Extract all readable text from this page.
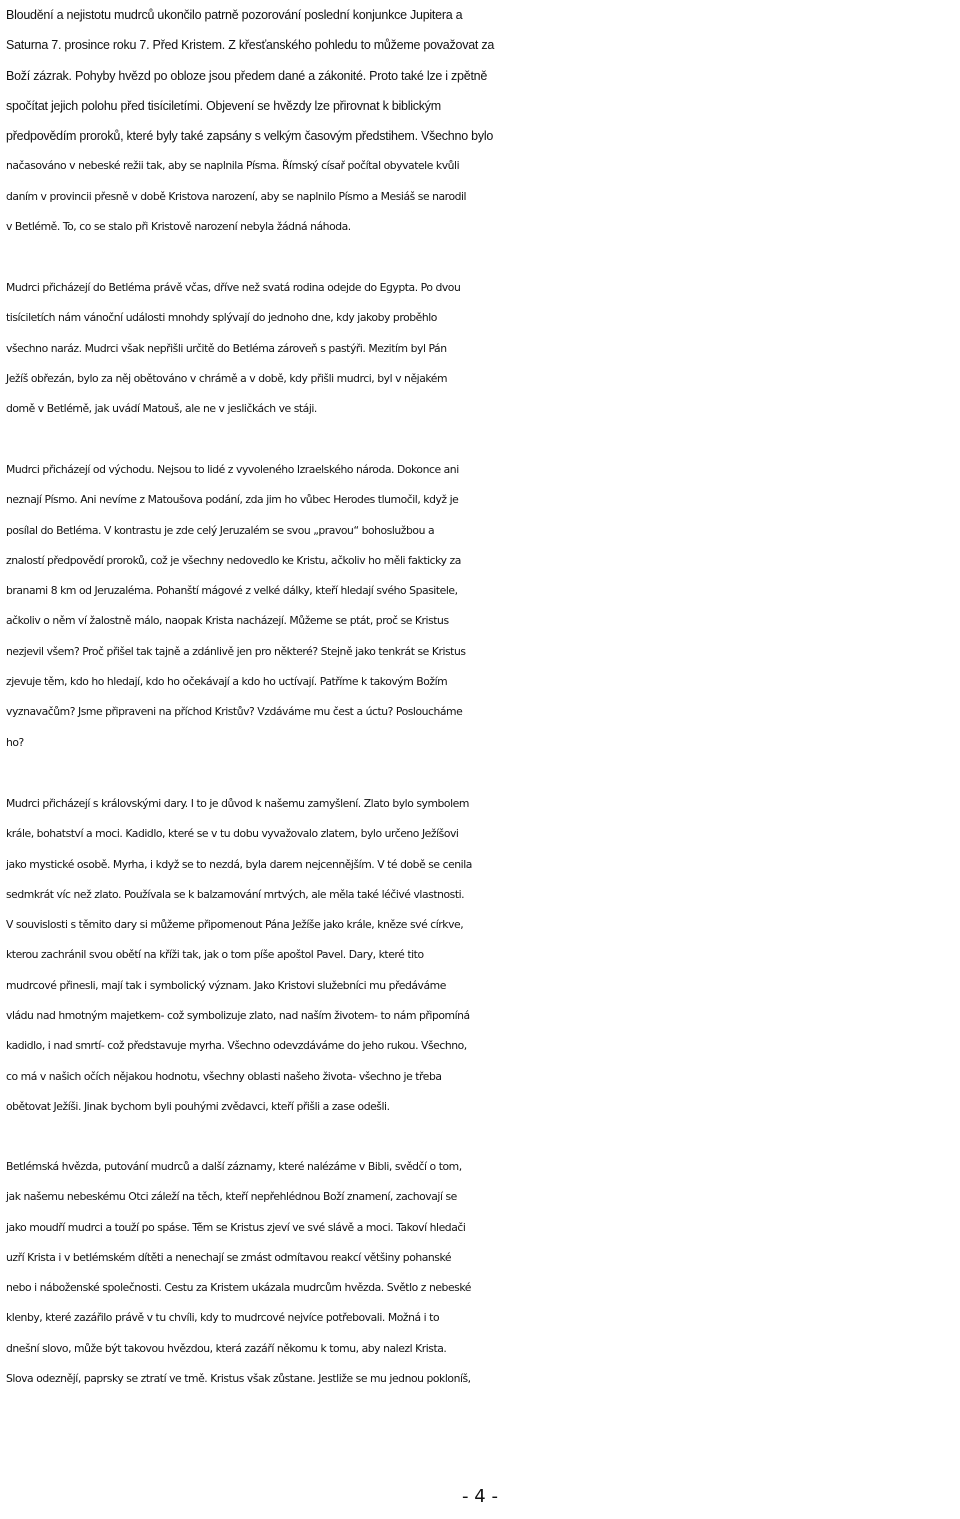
Bloudění a nejistotu mudrců ukončilo patrně pozorování poslední konjunkce Jupitera a
Saturna 7. prosince roku 7. Před Kristem. Z křesťanského pohledu to můžeme považovat za
Boží zázrak. Pohyby hvězd po obloze jsou předem dané a zákonité. Proto také lze i zpětně
spočítat jejich polohu před tisíciletími. Objevení se hvězdy lze přirovnat k biblickým
předpovědím proroků, které byly také zapsány s velkým časovým předstihem. Všechno bylo
načasováno v nebeské režii tak, aby se naplnila Písma. Římský císař počítal obyvatele kvůli
daním v provincii přesně v době Kristova narození, aby se naplnilo Písmo a Mesiáš se narodil
v Betlémě. To, co se stalo při Kristově narození nebyla žádná náhoda.
Mudrci přicházejí do Betléma právě včas, dříve než svatá rodina odejde do Egypta. Po dvou
tisíciletích nám vánoční události mnohdy splývají do jednoho dne, kdy jakoby proběhlo
všechno naráz. Mudrci však nepřišli určitě do Betléma zároveň s pastýři. Mezitím byl Pán
Ježíš obřezán, bylo za něj obětováno v chrámě a v době, kdy přišli mudrci, byl v nějakém
domě v Betlémě, jak uvádí Matouš, ale ne v jesličkách ve stáji.
Mudrci přicházejí od východu. Nejsou to lidé z vyvoleného Izraelského národa. Dokonce ani
neznají Písmo. Ani nevíme z Matoušova podání, zda jim ho vůbec Herodes tlumočil, když je
posílal do Betléma. V kontrastu je zde celý Jeruzalém se svou „pravou“ bohoslužbou a
znalostí předpovědí proroků, což je všechny nedovedlo ke Kristu, ačkoliv ho měli fakticky za
branami 8 km od Jeruzaléma. Pohanští mágové z velké dálky, kteří hledají svého Spasitele,
ačkoliv o něm ví žalostně málo, naopak Krista nacházejí. Můžeme se ptát, proč se Kristus
nezjevil všem? Proč přišel tak tajně a zdánlivě jen pro některé? Stejně jako tenkrát se Kristus
zjevuje těm, kdo ho hledají, kdo ho očekávají a kdo ho uctívají. Patříme k takovým Božím
vyznavačům? Jsme připraveni na příchod Kristův? Vzdáváme mu čest a úctu? Posloucháme
ho?
Mudrci přicházejí s královskými dary. I to je důvod k našemu zamyšlení. Zlato bylo symbolem
krále, bohatství a moci. Kadidlo, které se v tu dobu vyvažovalo zlatem, bylo určeno Ježíšovi
jako mystické osobě. Myrha, i když se to nezdá, byla darem nejcennějším. V té době se cenila
sedmkrát víc než zlato. Používala se k balzamování mrtvých, ale měla také léčivé vlastnosti.
V souvislosti s těmito dary si můžeme připomenout Pána Ježíše jako krále, kněze své církve,
kterou zachránil svou obětí na kříži tak, jak o tom píše apoštol Pavel. Dary, které tito
mudrcové přinesli, mají tak i symbolický význam. Jako Kristovi služebníci mu předáváme
vládu nad hmotným majetkem- což symbolizuje zlato, nad naším životem- to nám připomíná
kadidlo, i nad smrtí- což představuje myrha. Všechno odevzdáváme do jeho rukou. Všechno,
co má v našich očích nějakou hodnotu, všechny oblasti našeho života- všechno je třeba
obětovat Ježíši. Jinak bychom byli pouhými zvědavci, kteří přišli a zase odešli.
Betlémská hvězda, putování mudrců a další záznamy, které nalézáme v Bibli, svědčí o tom,
jak našemu nebeskému Otci záleží na těch, kteří nepřehlédnou Boží znamení, zachovají se
jako moudří mudrci a touží po spáse. Těm se Kristus zjeví ve své slávě a moci. Takoví hledači
uzří Krista i v betlémském dítěti a nenechají se zmást odmítavou reakcí většiny pohanské
nebo i náboženské společnosti. Cestu za Kristem ukázala mudrcům hvězda. Světlo z nebeské
klenby, které zazářilo právě v tu chvíli, kdy to mudrcové nejvíce potřebovali. Možná i to
dnešní slovo, může být takovou hvězdou, která zazáří někomu k tomu, aby nalezl Krista.
Slova odeznějí, paprsky se ztratí ve tmě. Kristus však zůstane. Jestliže se mu jednou pokloníš,
- 4 -
